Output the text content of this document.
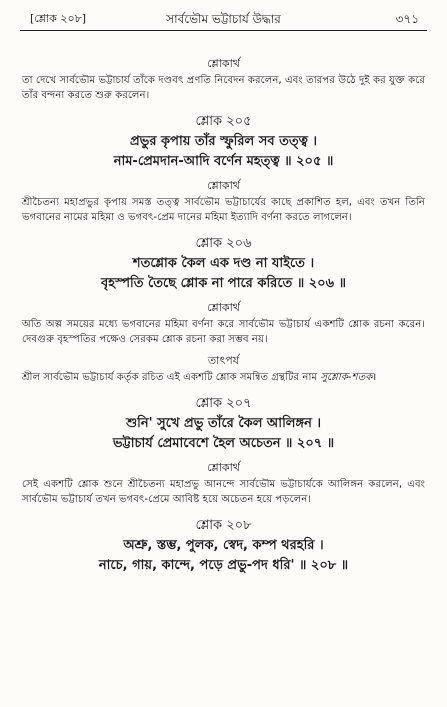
[শ্লোক ২০৮]	সার্বভৌম ভট্টাচার্য উদ্ধার	৩৭১
শ্লোকার্থ

তা দেখে সার্বভৌম ভট্টাচার্য তাঁকে দণ্ডবৎ প্রণতি নিবেদন করলেন, এবং তারপর উঠে দুই কর যুক্ত করে তাঁর বন্দনা করতে শুরু করলেন।

শ্লোক ২০৫

প্রভুর কৃপায় তাঁর স্ফুরিল সব তত্ত্ব ।

নাম-প্রেমদান-আদি বর্ণেন মহত্ত্ব ॥ ২০৫ ॥

শ্লোকার্থ

শ্রীচৈতন্য মহাপ্রভুর কৃপায় সমস্ত তত্ত্ব সার্বভৌম ভট্টাচার্যের কাছে প্রকাশিত হল, এবং তখন তিনি ভগবানের নামের মহিমা ও ভগবৎ-প্রেম দানের মহিমা ইত্যাদি বর্ণনা করতে লাগলেন।

শ্লোক ২০৬

শতশ্লোক কৈল এক দণ্ড না যাইতে ।

বৃহস্পতি তৈছে শ্লোক না পারে করিতে ॥ ২০৬ ॥

শ্লোকার্থ

অতি অল্প সময়ের মধ্যে ভগবানের মহিমা বর্ণনা করে সার্বভৌম ভট্টাচার্য একশটি শ্লোক রচনা করেন। দেবগুরু বৃহস্পতির পক্ষেও সেরকম শ্লোক রচনা করা সম্ভব নয়।

তাৎপর্য

শ্রীল সার্বভৌম ভট্টাচার্য কর্তৃক রচিত এই একশটি শ্লোক সমন্বিত গ্রন্থটির নাম সুশ্লোক-শতক।

শ্লোক ২০৭

শুনি' সুখে প্রভু তাঁরে কৈল আলিঙ্গন ।

ভট্টাচার্য প্রেমাবেশে হৈল অচেতন ॥ ২০৭ ॥

শ্লোকার্থ

সেই একশটি শ্লোক শুনে শ্রীচৈতন্য মহাপ্রভু আনন্দে সার্বভৌম ভট্টাচার্যকে আলিঙ্গন করলেন, এবং সার্বভৌম ভট্টাচার্য তখন ভগবৎ-প্রেমে আবিষ্ট হয়ে অচেতন হয়ে পড়লেন।

শ্লোক ২০৮

অশ্রু, স্তম্ভ, পুলক, স্বেদ, কম্প থরহরি ।

নাচে, গায়, কান্দে, পড়ে প্রভু-পদ ধরি' ॥ ২০৮ ॥
